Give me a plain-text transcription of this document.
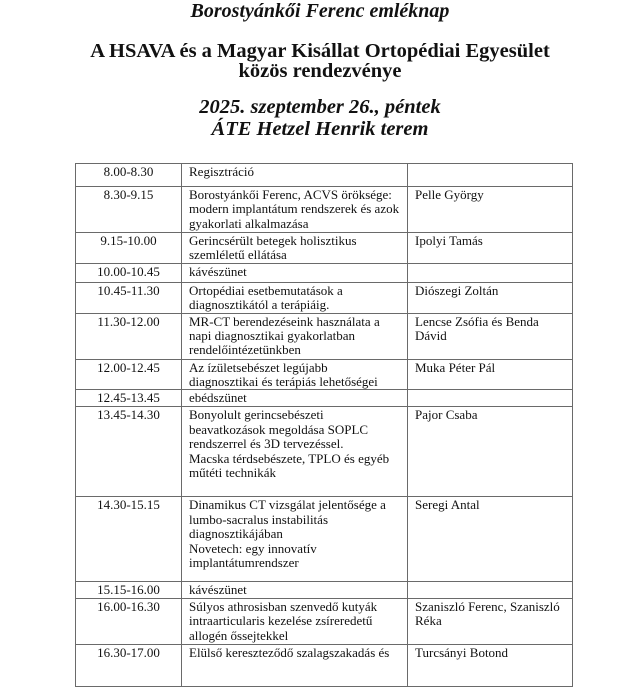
Borostyánkői Ferenc emléknap
A HSAVA és a Magyar Kisállat Ortopédiai Egyesület
közös rendezvénye
2025. szeptember 26., péntek
ÁTE Hetzel Henrik terem
8.00-8.30	Regisztráció	

8.30-9.15	Borostyánkői Ferenc, ACVS öröksége: modern implantátum rendszerek és azok gyakorlati alkalmazása	Pelle György
9.15-10.00	Gerincsérült betegek holisztikus szemléletű ellátása	Ipolyi Tamás
10.00-10.45	kávészünet	

10.45-11.30	Ortopédiai esetbemutatások a diagnosztikától a terápiáig.	Diószegi Zoltán
11.30-12.00	MR-CT berendezéseink használata a napi diagnosztikai gyakorlatban rendelőintézetünkben	Lencse Zsófia és Benda Dávid
12.00-12.45	Az ízületsebészet legújabb diagnosztikai és terápiás lehetőségei	Muka Péter Pál
12.45-13.45	ebédszünet	

13.45-14.30	Bonyolult gerincsebészeti beavatkozások megoldása SOPLC rendszerrel és 3D tervezéssel.
Macska térdsebészete, TPLO és egyéb műtéti technikák	Pajor Csaba
14.30-15.15	Dinamikus CT vizsgálat jelentősége a lumbo-sacralus instabilitás diagnosztikájában
Novetech: egy innovatív implantátumrendszer	Seregi Antal
15.15-16.00	kávészünet	

16.00-16.30	Súlyos athrosisban szenvedő kutyák intraarticularis kezelése zsíreredetű allogén őssejtekkel	Szaniszló Ferenc, Szaniszló Réka
16.30-17.00	Elülső kereszteződő szalagszakadás és	Turcsányi Botond
